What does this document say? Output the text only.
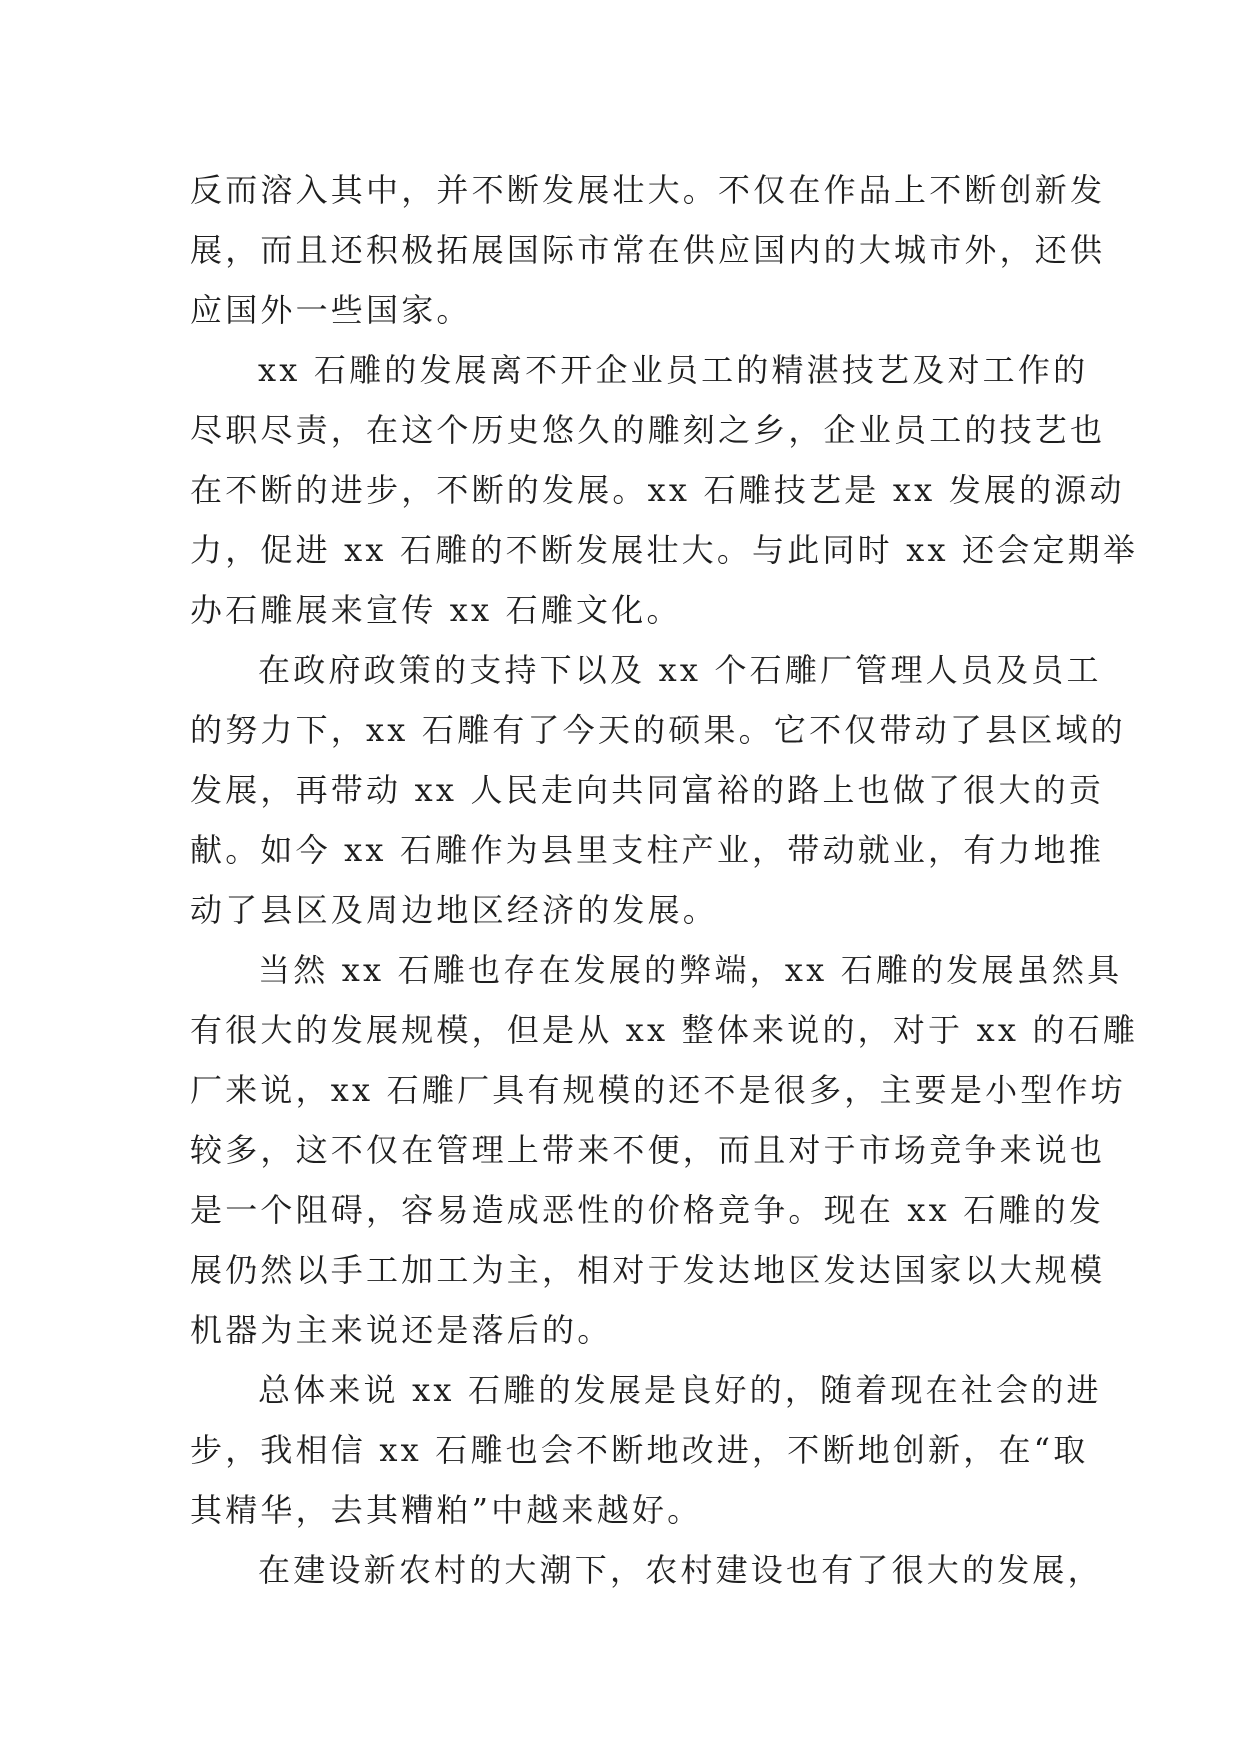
反而溶入其中，并不断发展壮大。不仅在作品上不断创新发
展，而且还积极拓展国际市常在供应国内的大城市外，还供
应国外一些国家。
xx 石雕的发展离不开企业员工的精湛技艺及对工作的
尽职尽责，在这个历史悠久的雕刻之乡，企业员工的技艺也
在不断的进步，不断的发展。xx 石雕技艺是 xx 发展的源动
力，促进 xx 石雕的不断发展壮大。与此同时 xx 还会定期举
办石雕展来宣传 xx 石雕文化。
在政府政策的支持下以及 xx 个石雕厂管理人员及员工
的努力下，xx 石雕有了今天的硕果。它不仅带动了县区域的
发展，再带动 xx 人民走向共同富裕的路上也做了很大的贡
献。如今 xx 石雕作为县里支柱产业，带动就业，有力地推
动了县区及周边地区经济的发展。
当然 xx 石雕也存在发展的弊端，xx 石雕的发展虽然具
有很大的发展规模，但是从 xx 整体来说的，对于 xx 的石雕
厂来说，xx 石雕厂具有规模的还不是很多，主要是小型作坊
较多，这不仅在管理上带来不便，而且对于市场竞争来说也
是一个阻碍，容易造成恶性的价格竞争。现在 xx 石雕的发
展仍然以手工加工为主，相对于发达地区发达国家以大规模
机器为主来说还是落后的。
总体来说 xx 石雕的发展是良好的，随着现在社会的进
步，我相信 xx 石雕也会不断地改进，不断地创新，在“取
其精华，去其糟粕”中越来越好。
在建设新农村的大潮下，农村建设也有了很大的发展，
